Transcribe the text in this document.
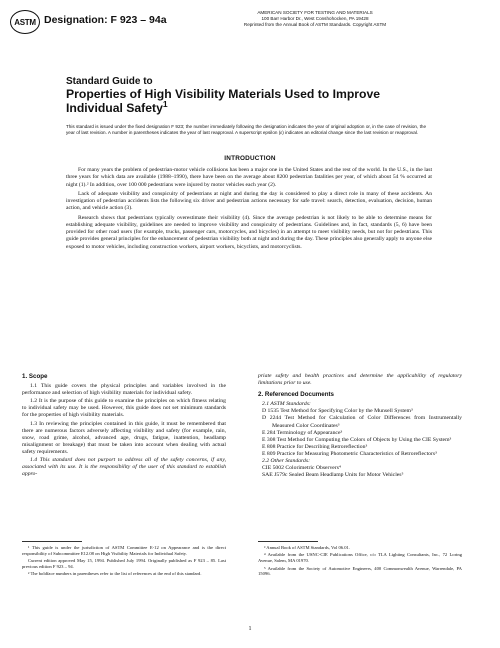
ASTM Designation: F 923 – 94a
AMERICAN SOCIETY FOR TESTING AND MATERIALS
100 Barr Harbor Dr., West Conshohocken, PA 19428
Reprinted from the Annual Book of ASTM Standards. Copyright ASTM
Standard Guide to
Properties of High Visibility Materials Used to Improve
Individual Safety$^1$
This standard is issued under the fixed designation F 923; the number immediately following the designation indicates the year of original adoption or, in the case of revision, the year of last revision. A number in parentheses indicates the year of last reapproval. A superscript epsilon (ε) indicates an editorial change since the last revision or reapproval.
INTRODUCTION

For many years the problem of pedestrian-motor vehicle collisions has been a major one in the United States and the rest of the world. In the U.S., in the last three years for which data are available (1988–1990), there have been on the average about 8200 pedestrian fatalities per year, of which about 54 % occurred at night (1).² In addition, over 100 000 pedestrians were injured by motor vehicles each year (2).

Lack of adequate visibility and conspicuity of pedestrians at night and during the day is considered to play a direct role in many of these accidents. An investigation of pedestrian accidents lists the following six driver and pedestrian actions necessary for safe travel: search, detection, evaluation, decision, human action, and vehicle action (3).

Research shows that pedestrians typically overestimate their visibility (4). Since the average pedestrian is not likely to be able to determine means for establishing adequate visibility, guidelines are needed to improve visibility and conspicuity of pedestrians. Guidelines and, in fact, standards (5, 6) have been provided for other road users (for example, trucks, passenger cars, motorcycles, and bicycles) in an attempt to meet visibility needs, but not for pedestrians. This guide provides general principles for the enhancement of pedestrian visibility both at night and during the day. These principles also generally apply to anyone else exposed to motor vehicles, including construction workers, airport workers, bicyclists, and motorcyclists.

1. Scope

1.1 This guide covers the physical principles and variables involved in the performance and selection of high visibility materials for individual safety.

1.2 It is the purpose of this guide to examine the principles on which fitness relating to individual safety may be used. However, this guide does not set minimum standards for the properties of high visibility materials.

1.3 In reviewing the principles contained in this guide, it must be remembered that there are numerous factors adversely affecting visibility and safety (for example, rain, snow, road grime, alcohol, advanced age, drugs, fatigue, inattention, headlamp misalignment or breakage) that must be taken into account when dealing with actual safety requirements.

1.4 This standard does not purport to address all of the safety concerns, if any, associated with its use. It is the responsibility of the user of this standard to establish appro-

priate safety and health practices and determine the applicability of regulatory limitations prior to use.

2. Referenced Documents
2.1 ASTM Standards:
D 1535 Test Method for Specifying Color by the Munsell System³
D 2244 Test Method for Calculation of Color Differences from Instrumentally Measured Color Coordinates³
E 284 Terminology of Appearance³
E 308 Test Method for Computing the Colors of Objects by Using the CIE System³
E 808 Practice for Describing Retroreflection³
E 809 Practice for Measuring Photometric Characteristics of Retroreflectors³
2.2 Other Standards:
CIE 5002 Colorimetric Observers⁴
SAE J579c Sealed Beam Headlamp Units for Motor Vehicles⁵

¹ This guide is under the jurisdiction of ASTM Committee E-12 on Appearance and is the direct responsibility of Subcommittee E12.08 on High Visibility Materials for Individual Safety.

Current edition approved May 15, 1994. Published July 1994. Originally published as F 923 – 85. Last previous edition F 923 – 94.

² The boldface numbers in parentheses refer to the list of references at the end of this standard.

³ Annual Book of ASTM Standards, Vol 06.01.

⁴ Available from the USNC-CIE Publications Office, c/o TLA Lighting Consultants, Inc., 72 Loring Avenue, Salem, MA 01970.

⁵ Available from the Society of Automotive Engineers, 400 Commonwealth Avenue, Warrendale, PA 15096.

1
